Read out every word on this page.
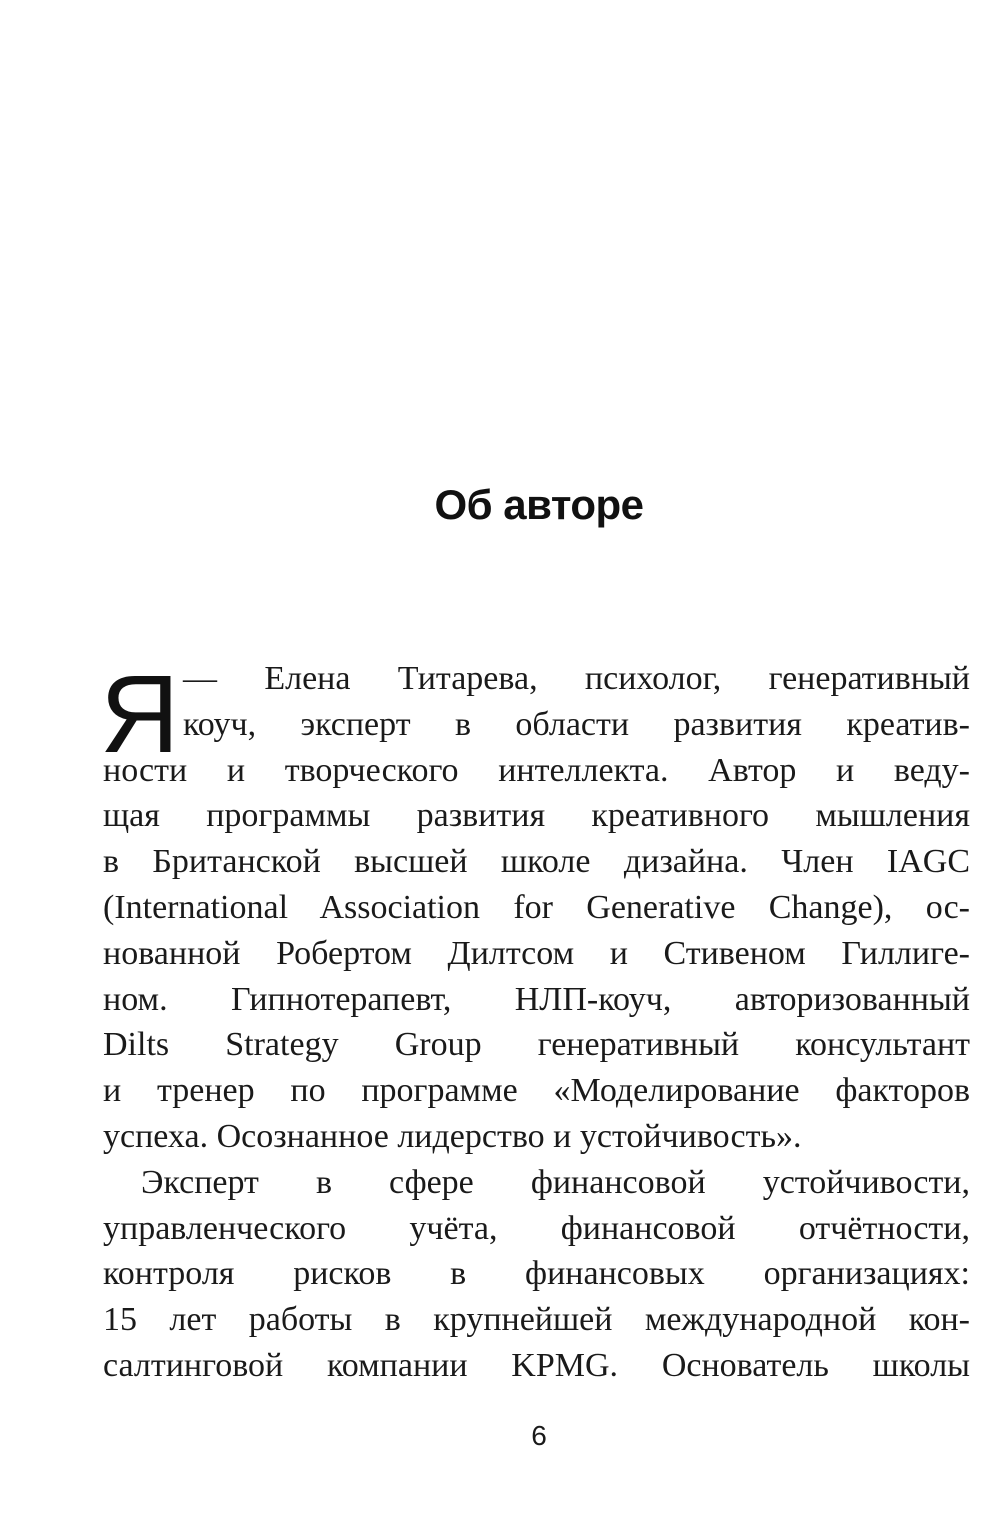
Об авторе
Я — Елена Титарева, психолог, генеративный
коуч, эксперт в области развития креатив-
ности и творческого интеллекта. Автор и веду-
щая программы развития креативного мышления
в Британской высшей школе дизайна. Член IAGC
(International Association for Generative Change), ос-
нованной Робертом Дилтсом и Стивеном Гиллиге-
ном. Гипнотерапевт, НЛП-коуч, авторизованный
Dilts Strategy Group генеративный консультант
и тренер по программе «Моделирование факторов
успеха. Осознанное лидерство и устойчивость».
Эксперт в сфере финансовой устойчивости,
управленческого учёта, финансовой отчётности,
контроля рисков в финансовых организациях:
15 лет работы в крупнейшей международной кон-
салтинговой компании KPMG. Основатель школы
6
